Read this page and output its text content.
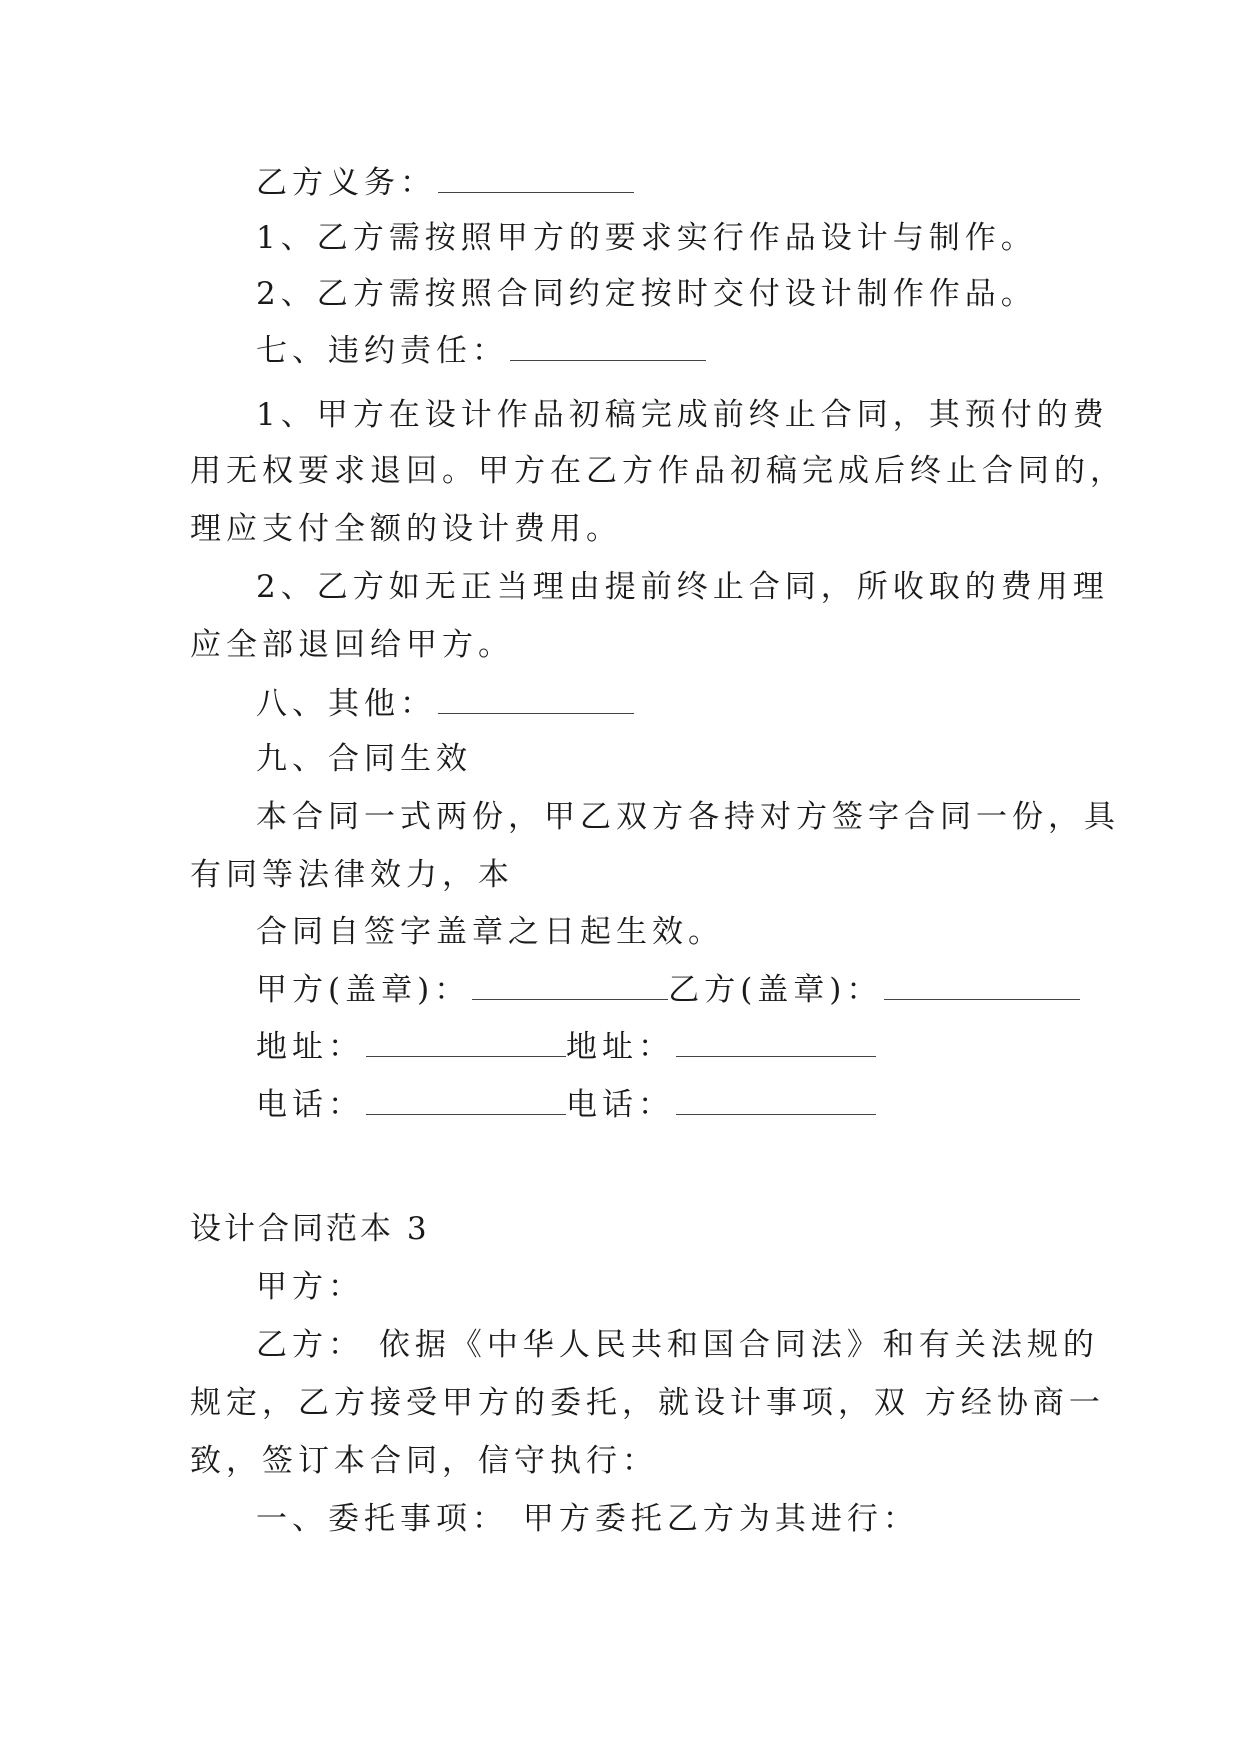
乙方义务：
1、乙方需按照甲方的要求实行作品设计与制作。
2、乙方需按照合同约定按时交付设计制作作品。
七、违约责任：
1、甲方在设计作品初稿完成前终止合同，其预付的费
用无权要求退回。甲方在乙方作品初稿完成后终止合同的，
理应支付全额的设计费用。
2、乙方如无正当理由提前终止合同，所收取的费用理
应全部退回给甲方。
八、其他：
九、合同生效
本合同一式两份，甲乙双方各持对方签字合同一份，具
有同等法律效力，本
合同自签字盖章之日起生效。
甲方(盖章)：	乙方(盖章)：
地址：	地址：
电话：	电话：
设计合同范本 3
甲方：
乙方： 依据《中华人民共和国合同法》和有关法规的
规定，乙方接受甲方的委托，就设计事项，双 方经协商一
致，签订本合同，信守执行：
一、委托事项： 甲方委托乙方为其进行：
